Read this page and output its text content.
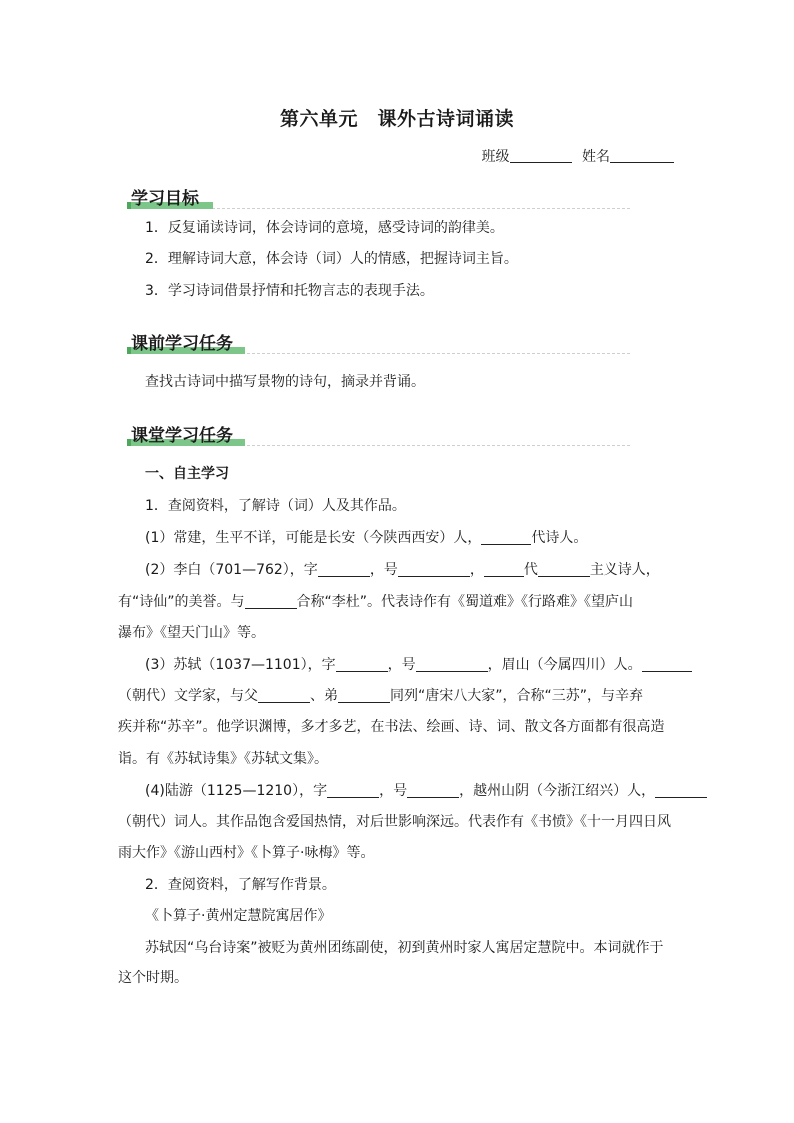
第六单元　课外古诗词诵读
班级	姓名
学习目标
1．反复诵读诗词，体会诗词的意境，感受诗词的韵律美。
2．理解诗词大意，体会诗（词）人的情感，把握诗词主旨。
3．学习诗词借景抒情和托物言志的表现手法。
课前学习任务
查找古诗词中描写景物的诗句，摘录并背诵。
课堂学习任务
一、自主学习
1．查阅资料，了解诗（词）人及其作品。
(1）常建，生平不详，可能是长安（今陕西西安）人，	代诗人。
(2）李白（701—762），字	，号	，	代	主义诗人，
有“诗仙”的美誉。与	合称“李杜”。代表诗作有《蜀道难》《行路难》《望庐山
瀑布》《望天门山》等。
(3）苏轼（1037—1101），字	，号	，眉山（今属四川）人。
（朝代）文学家，与父	、弟	同列“唐宋八大家”，合称“三苏”，与辛弃
疾并称“苏辛”。他学识渊博，多才多艺，在书法、绘画、诗、词、散文各方面都有很高造
诣。有《苏轼诗集》《苏轼文集》。
(4)陆游（1125—1210），字	，号	，越州山阴（今浙江绍兴）人，
（朝代）词人。其作品饱含爱国热情，对后世影响深远。代表作有《书愤》《十一月四日风
雨大作》《游山西村》《卜算子·咏梅》等。
2．查阅资料，了解写作背景。
《卜算子·黄州定慧院寓居作》
苏轼因“乌台诗案”被贬为黄州团练副使，初到黄州时家人寓居定慧院中。本词就作于
这个时期。
